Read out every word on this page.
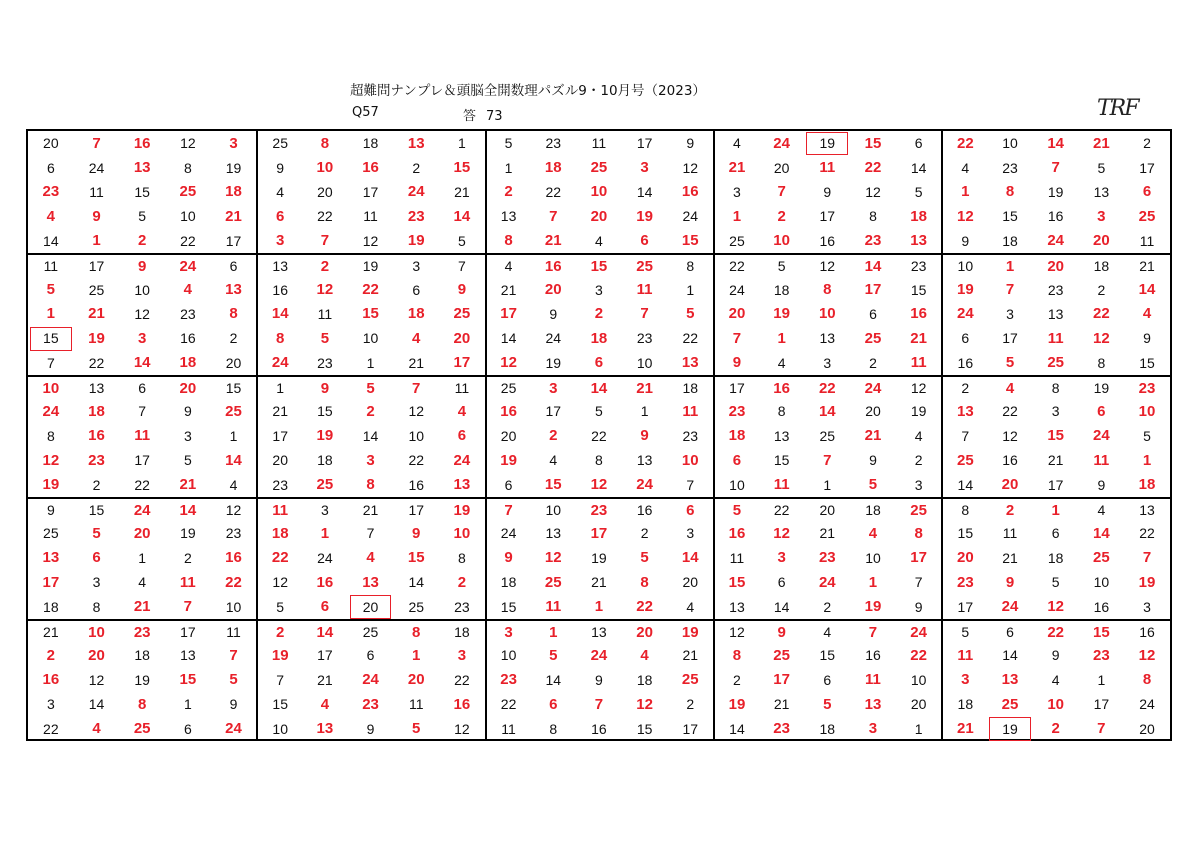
超難問ナンプレ＆頭脳全開数理パズル9・10月号（2023）
Q57	答 73	TRF
20	7	16	12	3	25	8	18	13	1	5	23	11	17	9	4	24	19	15	6	22	10	14	21	2
6	24	13	8	19	9	10	16	2	15	1	18	25	3	12	21	20	11	22	14	4	23	7	5	17
23	11	15	25	18	4	20	17	24	21	2	22	10	14	16	3	7	9	12	5	1	8	19	13	6
4	9	5	10	21	6	22	11	23	14	13	7	20	19	24	1	2	17	8	18	12	15	16	3	25
14	1	2	22	17	3	7	12	19	5	8	21	4	6	15	25	10	16	23	13	9	18	24	20	11
11	17	9	24	6	13	2	19	3	7	4	16	15	25	8	22	5	12	14	23	10	1	20	18	21
5	25	10	4	13	16	12	22	6	9	21	20	3	11	1	24	18	8	17	15	19	7	23	2	14
1	21	12	23	8	14	11	15	18	25	17	9	2	7	5	20	19	10	6	16	24	3	13	22	4
15	19	3	16	2	8	5	10	4	20	14	24	18	23	22	7	1	13	25	21	6	17	11	12	9
7	22	14	18	20	24	23	1	21	17	12	19	6	10	13	9	4	3	2	11	16	5	25	8	15
10	13	6	20	15	1	9	5	7	11	25	3	14	21	18	17	16	22	24	12	2	4	8	19	23
24	18	7	9	25	21	15	2	12	4	16	17	5	1	11	23	8	14	20	19	13	22	3	6	10
8	16	11	3	1	17	19	14	10	6	20	2	22	9	23	18	13	25	21	4	7	12	15	24	5
12	23	17	5	14	20	18	3	22	24	19	4	8	13	10	6	15	7	9	2	25	16	21	11	1
19	2	22	21	4	23	25	8	16	13	6	15	12	24	7	10	11	1	5	3	14	20	17	9	18
9	15	24	14	12	11	3	21	17	19	7	10	23	16	6	5	22	20	18	25	8	2	1	4	13
25	5	20	19	23	18	1	7	9	10	24	13	17	2	3	16	12	21	4	8	15	11	6	14	22
13	6	1	2	16	22	24	4	15	8	9	12	19	5	14	11	3	23	10	17	20	21	18	25	7
17	3	4	11	22	12	16	13	14	2	18	25	21	8	20	15	6	24	1	7	23	9	5	10	19
18	8	21	7	10	5	6	20	25	23	15	11	1	22	4	13	14	2	19	9	17	24	12	16	3
21	10	23	17	11	2	14	25	8	18	3	1	13	20	19	12	9	4	7	24	5	6	22	15	16
2	20	18	13	7	19	17	6	1	3	10	5	24	4	21	8	25	15	16	22	11	14	9	23	12
16	12	19	15	5	7	21	24	20	22	23	14	9	18	25	2	17	6	11	10	3	13	4	1	8
3	14	8	1	9	15	4	23	11	16	22	6	7	12	2	19	21	5	13	20	18	25	10	17	24
22	4	25	6	24	10	13	9	5	12	11	8	16	15	17	14	23	18	3	1	21	19	2	7	20
